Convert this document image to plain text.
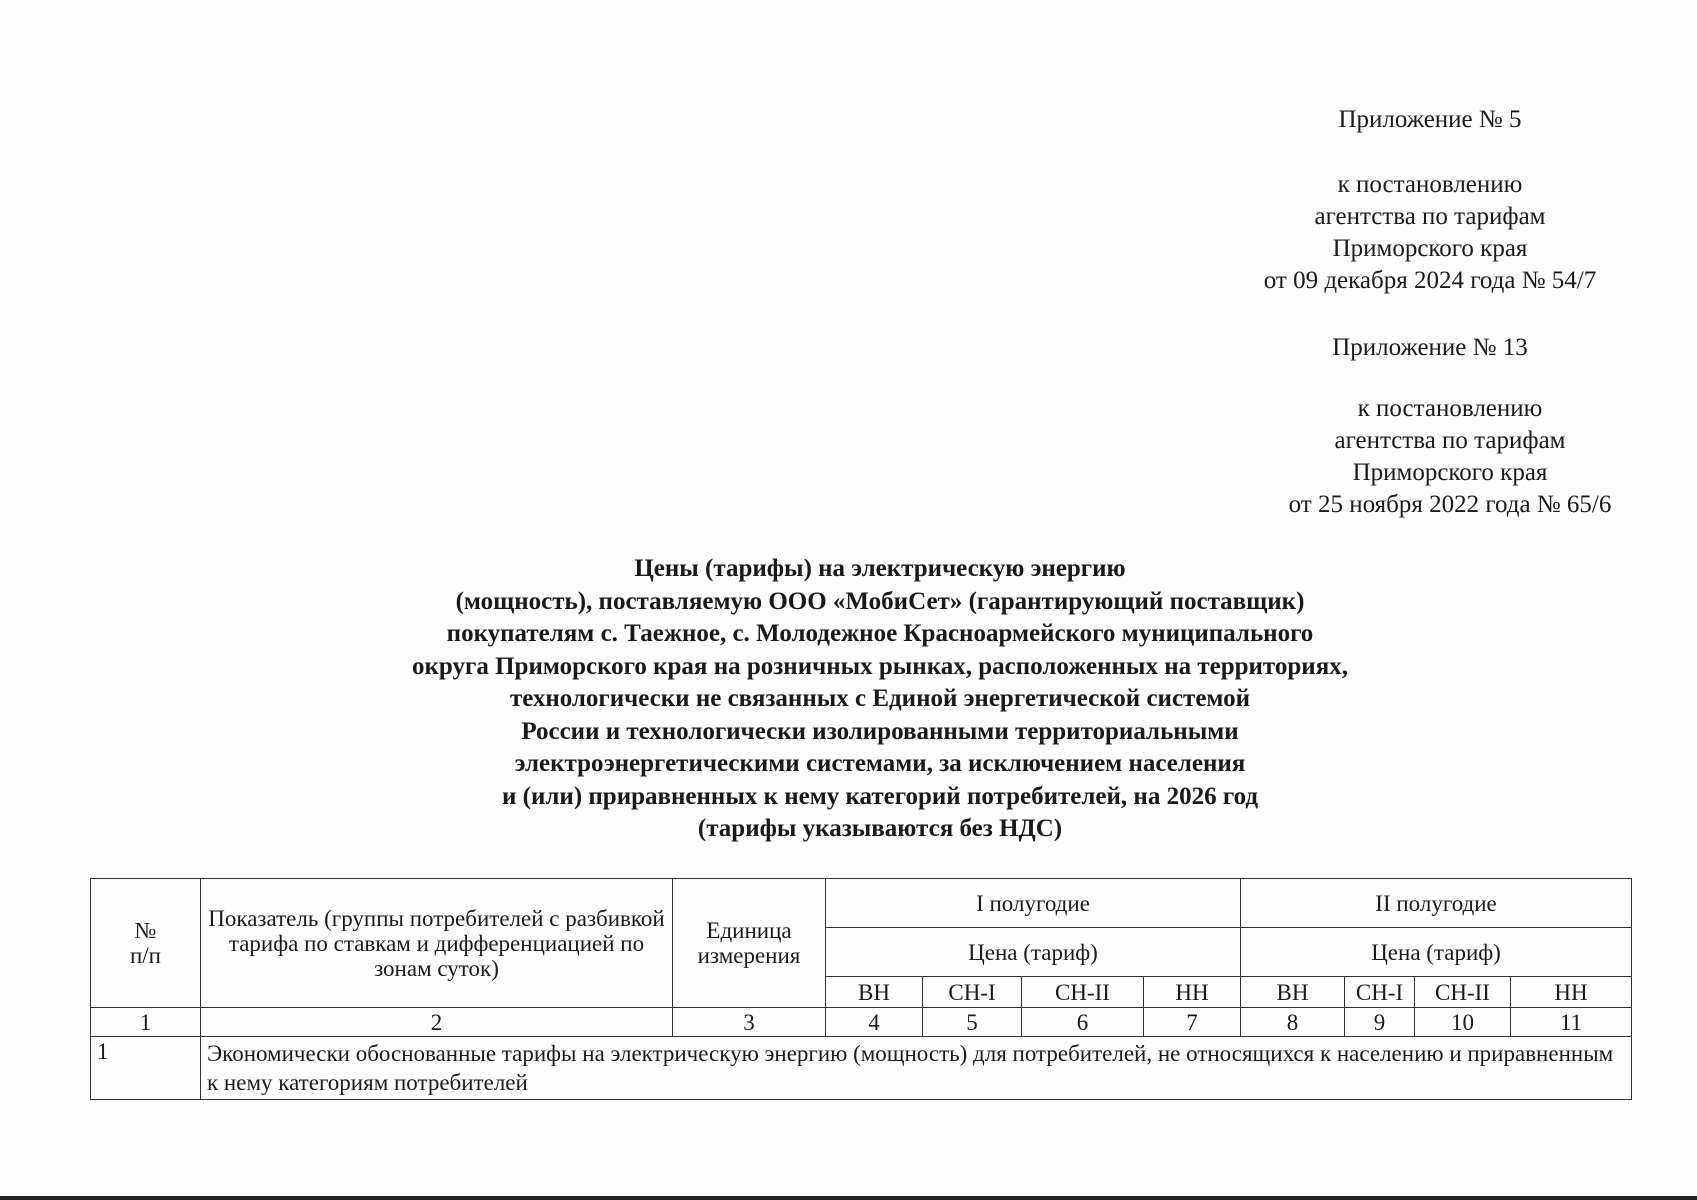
Приложение № 5
к постановлению
агентства по тарифам
Приморского края
от 09 декабря 2024 года № 54/7
Приложение № 13
к постановлению
агентства по тарифам
Приморского края
от 25 ноября 2022 года № 65/6
Цены (тарифы) на электрическую энергию
(мощность), поставляемую ООО «МобиСет» (гарантирующий поставщик)
покупателям с. Таежное, с. Молодежное Красноармейского муниципального
округа Приморского края на розничных рынках, расположенных на территориях,
технологически не связанных с Единой энергетической системой
России и технологически изолированными территориальными
электроэнергетическими системами, за исключением населения
и (или) приравненных к нему категорий потребителей, на 2026 год
(тарифы указываются без НДС)
№
п/п	Показатель (группы потребителей с разбивкой тарифа по ставкам и дифференциацией по зонам суток)	Единица измерения	I полугодие				II полугодие			
			Цена (тариф)				Цена (тариф)			
			ВН	СН-I	СН-II	НН	ВН	СН-I	СН-II	НН
1	2	3	4	5	6	7	8	9	10	11
1	Экономически обоснованные тарифы на электрическую энергию (мощность) для потребителей, не относящихся к населению и приравненным к нему категориям потребителей									
